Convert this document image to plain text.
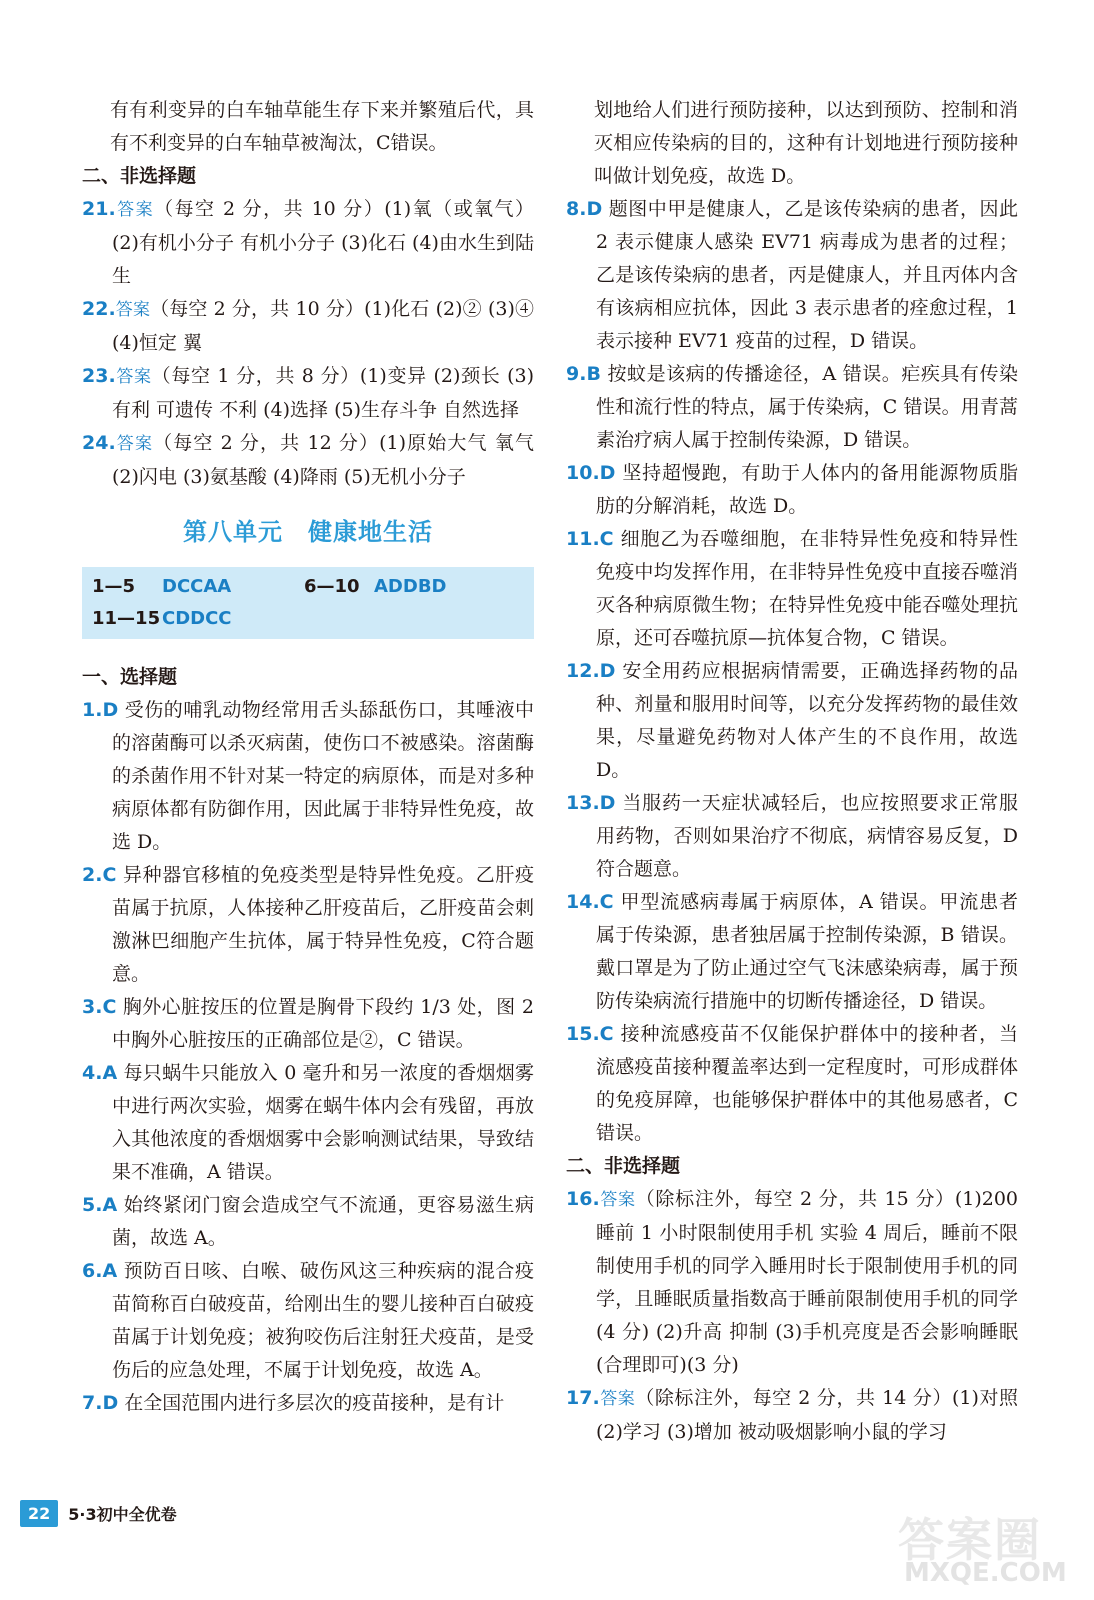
有有利变异的白车轴草能生存下来并繁殖后代，具有不利变异的白车轴草被淘汰，C错误。

二、非选择题

21.答案（每空 2 分，共 10 分）(1)氧（或氧气） (2)有机小分子 有机小分子 (3)化石 (4)由水生到陆生

22.答案（每空 2 分，共 10 分）(1)化石 (2)② (3)④ (4)恒定 翼

23.答案（每空 1 分，共 8 分）(1)变异 (2)颈长 (3)有利 可遗传 不利 (4)选择 (5)生存斗争 自然选择

24.答案（每空 2 分，共 12 分）(1)原始大气 氧气 (2)闪电 (3)氨基酸 (4)降雨 (5)无机小分子

第八单元　健康地生活

1—5	DCCAA	6—10 ADDBD
11—15 CDDCC

一、选择题

1.D 受伤的哺乳动物经常用舌头舔舐伤口，其唾液中的溶菌酶可以杀灭病菌，使伤口不被感染。溶菌酶的杀菌作用不针对某一特定的病原体，而是对多种病原体都有防御作用，因此属于非特异性免疫，故选 D。

2.C 异种器官移植的免疫类型是特异性免疫。乙肝疫苗属于抗原，人体接种乙肝疫苗后，乙肝疫苗会刺激淋巴细胞产生抗体，属于特异性免疫，C符合题意。

3.C 胸外心脏按压的位置是胸骨下段约 1/3 处，图 2中胸外心脏按压的正确部位是②，C 错误。

4.A 每只蜗牛只能放入 0 毫升和另一浓度的香烟烟雾中进行两次实验，烟雾在蜗牛体内会有残留，再放入其他浓度的香烟烟雾中会影响测试结果，导致结果不准确，A 错误。

5.A 始终紧闭门窗会造成空气不流通，更容易滋生病菌，故选 A。

6.A 预防百日咳、白喉、破伤风这三种疾病的混合疫苗简称百白破疫苗，给刚出生的婴儿接种百白破疫苗属于计划免疫；被狗咬伤后注射狂犬疫苗，是受伤后的应急处理，不属于计划免疫，故选 A。

7.D 在全国范围内进行多层次的疫苗接种，是有计

划地给人们进行预防接种，以达到预防、控制和消灭相应传染病的目的，这种有计划地进行预防接种叫做计划免疫，故选 D。

8.D 题图中甲是健康人，乙是该传染病的患者，因此 2 表示健康人感染 EV71 病毒成为患者的过程；乙是该传染病的患者，丙是健康人，并且丙体内含有该病相应抗体，因此 3 表示患者的痊愈过程，1 表示接种 EV71 疫苗的过程，D 错误。

9.B 按蚊是该病的传播途径，A 错误。疟疾具有传染性和流行性的特点，属于传染病，C 错误。用青蒿素治疗病人属于控制传染源，D 错误。

10.D 坚持超慢跑，有助于人体内的备用能源物质脂肪的分解消耗，故选 D。

11.C 细胞乙为吞噬细胞，在非特异性免疫和特异性免疫中均发挥作用，在非特异性免疫中直接吞噬消灭各种病原微生物；在特异性免疫中能吞噬处理抗原，还可吞噬抗原—抗体复合物，C 错误。

12.D 安全用药应根据病情需要，正确选择药物的品种、剂量和服用时间等，以充分发挥药物的最佳效果，尽量避免药物对人体产生的不良作用，故选 D。

13.D 当服药一天症状减轻后，也应按照要求正常服用药物，否则如果治疗不彻底，病情容易反复，D 符合题意。

14.C 甲型流感病毒属于病原体，A 错误。甲流患者属于传染源，患者独居属于控制传染源，B 错误。戴口罩是为了防止通过空气飞沫感染病毒，属于预防传染病流行措施中的切断传播途径，D 错误。

15.C 接种流感疫苗不仅能保护群体中的接种者，当流感疫苗接种覆盖率达到一定程度时，可形成群体的免疫屏障，也能够保护群体中的其他易感者，C 错误。

二、非选择题

16.答案（除标注外，每空 2 分，共 15 分）(1)200 睡前 1 小时限制使用手机 实验 4 周后，睡前不限制使用手机的同学入睡用时长于限制使用手机的同学，且睡眠质量指数高于睡前限制使用手机的同学(4 分) (2)升高 抑制 (3)手机亮度是否会影响睡眠(合理即可)(3 分)

17.答案（除标注外，每空 2 分，共 14 分）(1)对照 (2)学习 (3)增加 被动吸烟影响小鼠的学习

22	5·3初中全优卷	答案圈
MXQE.COM
